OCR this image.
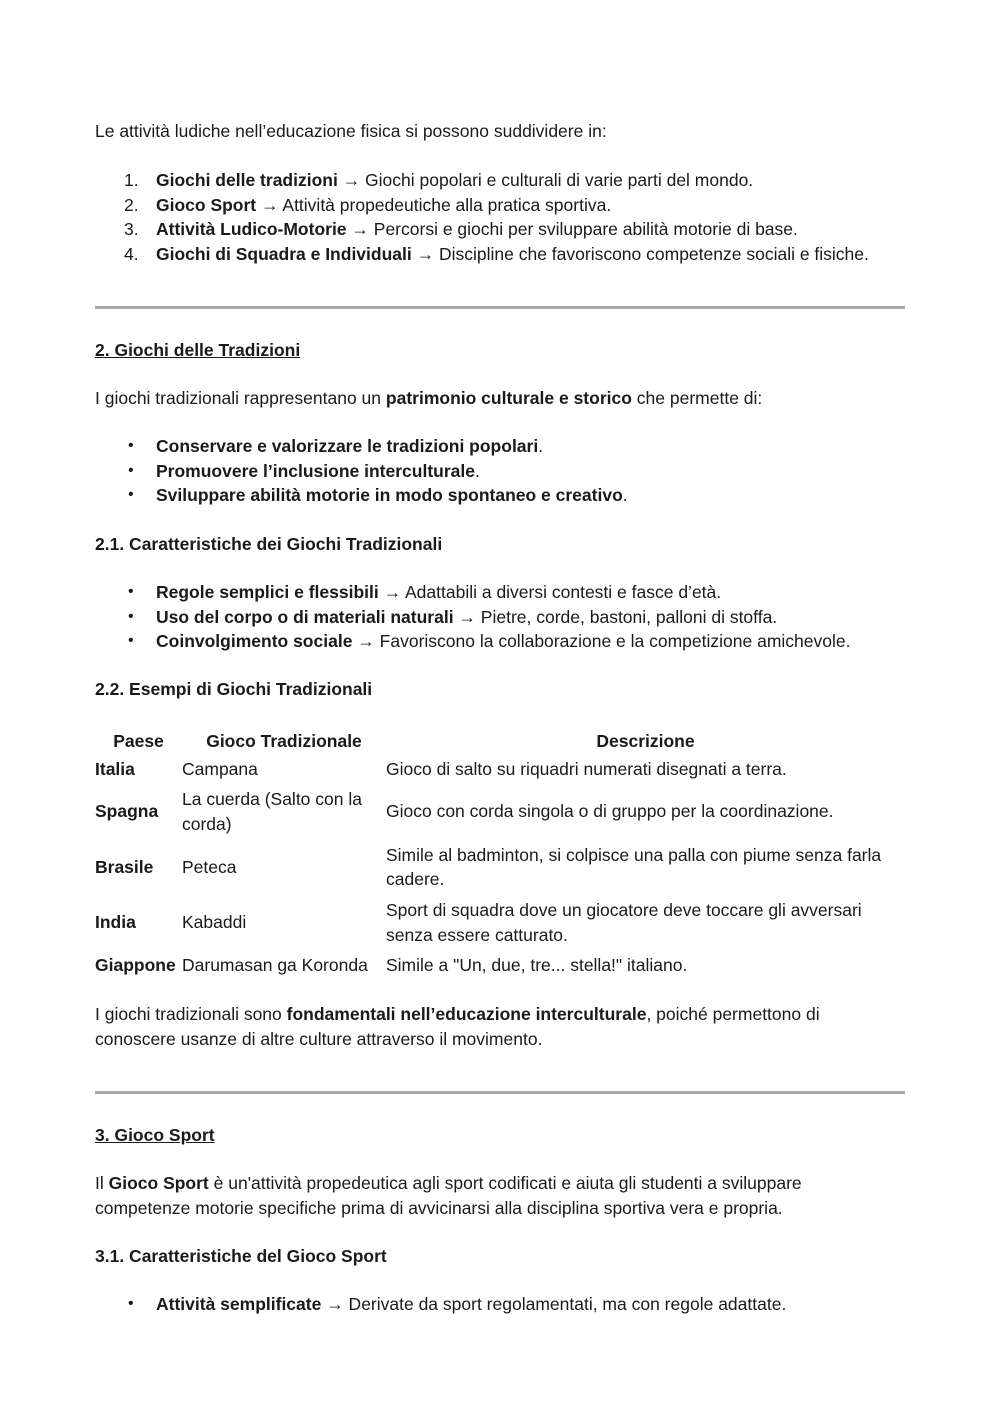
Le attività ludiche nell’educazione fisica si possono suddividere in:

1. Giochi delle tradizioni → Giochi popolari e culturali di varie parti del mondo.
2. Gioco Sport → Attività propedeutiche alla pratica sportiva.
3. Attività Ludico-Motorie → Percorsi e giochi per sviluppare abilità motorie di base.
4. Giochi di Squadra e Individuali → Discipline che favoriscono competenze sociali e fisiche.

2. Giochi delle Tradizioni

I giochi tradizionali rappresentano un patrimonio culturale e storico che permette di:

• Conservare e valorizzare le tradizioni popolari.
• Promuovere l’inclusione interculturale.
• Sviluppare abilità motorie in modo spontaneo e creativo.

2.1. Caratteristiche dei Giochi Tradizionali

• Regole semplici e flessibili → Adattabili a diversi contesti e fasce d’età.
• Uso del corpo o di materiali naturali → Pietre, corde, bastoni, palloni di stoffa.
• Coinvolgimento sociale → Favoriscono la collaborazione e la competizione amichevole.

2.2. Esempi di Giochi Tradizionali

Paese	Gioco Tradizionale	Descrizione
Italia	Campana	Gioco di salto su riquadri numerati disegnati a terra.
Spagna	La cuerda (Salto con la corda)	Gioco con corda singola o di gruppo per la coordinazione.
Brasile	Peteca	Simile al badminton, si colpisce una palla con piume senza farla cadere.
India	Kabaddi	Sport di squadra dove un giocatore deve toccare gli avversari senza essere catturato.
Giappone	Darumasan ga Koronda	Simile a "Un, due, tre... stella!" italiano.

I giochi tradizionali sono fondamentali nell’educazione interculturale, poiché permettono di conoscere usanze di altre culture attraverso il movimento.

3. Gioco Sport

Il Gioco Sport è un'attività propedeutica agli sport codificati e aiuta gli studenti a sviluppare competenze motorie specifiche prima di avvicinarsi alla disciplina sportiva vera e propria.

3.1. Caratteristiche del Gioco Sport

• Attività semplificate → Derivate da sport regolamentati, ma con regole adattate.
